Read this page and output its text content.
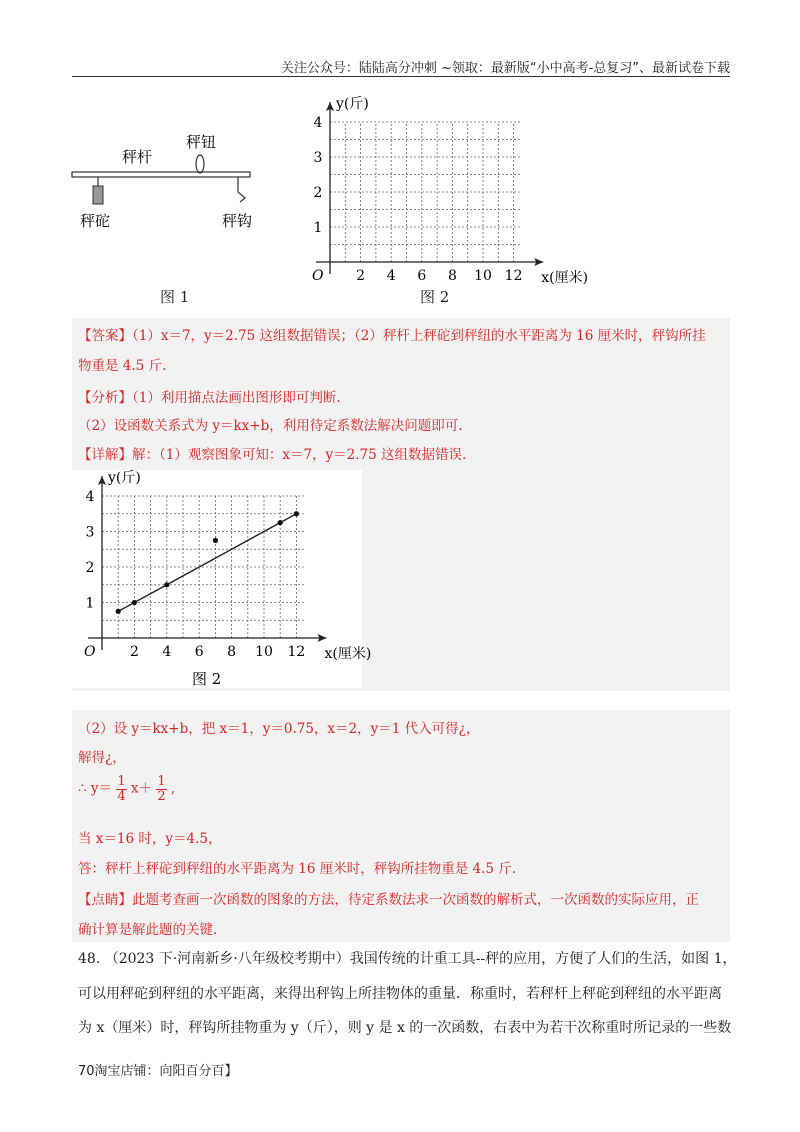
关注公众号：陆陆高分冲刺 ~领取：最新版“小中高考-总复习”、最新试卷下载
秤杆
秤钮
秤砣	秤钩
图 1
2 4 6 8 10 12
1
2
3
4
O	x(厘米)
y(斤)
图 2
【答案】（1）x＝7，y＝2.75 这组数据错误；（2）秤杆上秤砣到秤纽的水平距离为 16 厘米时，秤钩所挂
物重是 4.5 斤.
【分析】（1）利用描点法画出图形即可判断.
（2）设函数关系式为 y＝kx+b，利用待定系数法解决问题即可.
【详解】解：（1）观察图象可知：x＝7，y＝2.75 这组数据错误.
2 4 6 8 10 12
1
2
3
4
O	x(厘米)
y(斤)
图 2
（2）设 y＝kx+b，把 x＝1，y＝0.75，x＝2，y＝1 代入可得¿，
解得¿，
∴ $y= \frac{1}{4} x+ \frac{1}{2}$ ,
当 x＝16 时，y＝4.5，
答：秤杆上秤砣到秤纽的水平距离为 16 厘米时，秤钩所挂物重是 4.5 斤.
【点睛】此题考查画一次函数的图象的方法，待定系数法求一次函数的解析式，一次函数的实际应用，正
确计算是解此题的关键.
48. （2023 下·河南新乡·八年级校考期中）我国传统的计重工具--秤的应用，方便了人们的生活，如图 1，
可以用秤砣到秤纽的水平距离，来得出秤钩上所挂物体的重量．称重时，若秤杆上秤砣到秤纽的水平距离
为 x（厘米）时，秤钩所挂物重为 y（斤），则 y 是 x 的一次函数，右表中为若干次称重时所记录的一些数
70淘宝店铺：向阳百分百】
